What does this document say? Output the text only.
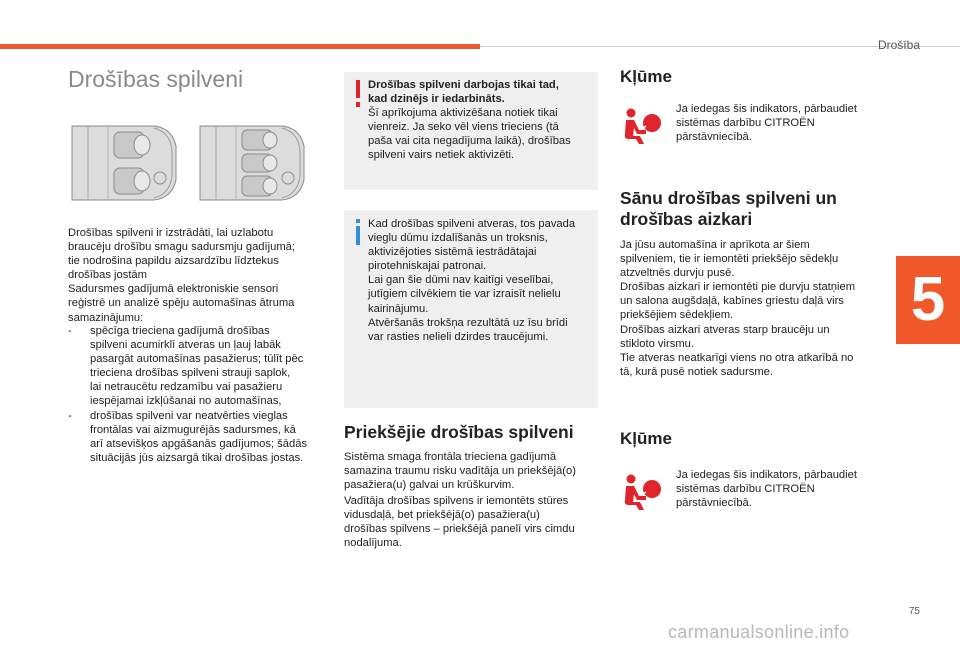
Drošība
Drošības spilveni
Drošības spilveni ir izstrādāti, lai uzlabotu
braucēju drošību smagu sadursmju gadījumā;
tie nodrošina papildu aizsardzību līdztekus
drošības jostām
Sadursmes gadījumā elektroniskie sensori
reģistrē un analizē spēju automašīnas ātruma
samazinājumu:
- spēcīga trieciena gadījumā drošības
spilveni acumirklī atveras un ļauj labāk
pasargāt automašīnas pasažierus; tūlīt pēc
trieciena drošības spilveni strauji saplok,
lai netraucētu redzamību vai pasažieru
iespējamai izkļūšanai no automašīnas,
- drošības spilveni var neatvērties vieglas
frontālas vai aizmugurējās sadursmes, kā
arī atsevišķos apgāšanās gadījumos; šādās
situācijās jūs aizsargā tikai drošības jostas.
Drošības spilveni darbojas tikai tad,
kad dzinējs ir iedarbināts.
Šī aprīkojuma aktivizēšana notiek tikai
vienreiz. Ja seko vēl viens trieciens (tā
paša vai cita negadījuma laikā), drošības
spilveni vairs netiek aktivizēti.
Kad drošības spilveni atveras, tos pavada
vieglu dūmu izdalīšanās un troksnis,
aktivizējoties sistēmā iestrādātajai
pirotehniskajai patronai.
Lai gan šie dūmi nav kaitīgi veselībai,
jutīgiem cilvēkiem tie var izraisīt nelielu
kairinājumu.
Atvēršanās trokšņa rezultātā uz īsu brīdi
var rasties nelieli dzirdes traucējumi.
Priekšējie drošības spilveni
Sistēma smaga frontāla trieciena gadījumā
samazina traumu risku vadītāja un priekšējā(o)
pasažiera(u) galvai un krūškurvim.
Vadītāja drošības spilvens ir iemontēts stūres
vidusdaļā, bet priekšējā(o) pasažiera(u)
drošības spilvens – priekšējā panelī virs cimdu
nodalījuma.
Kļūme
Ja iedegas šis indikators, pārbaudiet
sistēmas darbību CITROËN
pārstāvniecībā.
Sānu drošības spilveni un
drošības aizkari
Ja jūsu automašīna ir aprīkota ar šiem
spilveniem, tie ir iemontēti priekšējo sēdekļu
atzveltnēs durvju pusē.
Drošības aizkari ir iemontēti pie durvju statņiem
un salona augšdaļā, kabīnes griestu daļā virs
priekšējiem sēdekļiem.
Drošības aizkari atveras starp braucēju un
stikloto virsmu.
Tie atveras neatkarīgi viens no otra atkarībā no
tā, kurā pusē notiek sadursme.
Kļūme
Ja iedegas šis indikators, pārbaudiet
sistēmas darbību CITROËN
pārstāvniecībā.
5
75
carmanualsonline.info
